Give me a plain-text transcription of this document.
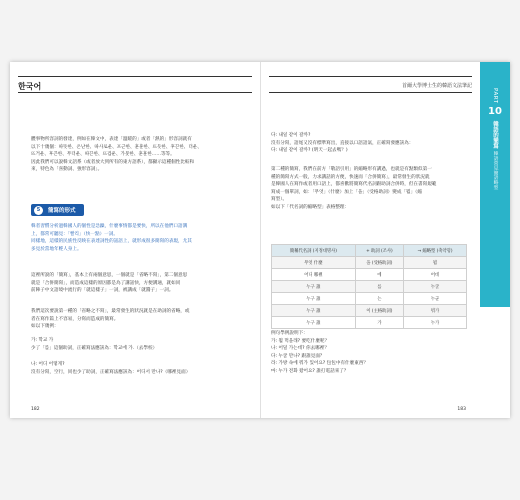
한국어
體事物所容詞的發達，例如在韓文中，表達「溫暖的」或者「熱的」形容詞就有
以下十幾個：따뜻한、온난한、따사로운、포근한、훈훈한、뜨듯한、후끈한、더운、
뜨거운、후끈한、무더운、따끈한、뜨겁운、가뭇한、훈훈한……等等。
因此我們可以說韓文語系（或者放大到所有的東方語系），都顯示這種個性比較和
來，特色為「喜動詞、強形容詞」。
5	簡寫的形式
韓者習慣分析過韓國人的個性是急躁，什麼事情都是要快，所以在他們口語溝
上，都常可聽見：「빨리」（快一點）一詞。
同樣地，這樣的民族性反映在表達詞性的話語上，就形成很多簡寫的表現，尤其
多見於當地年輕人身上。
這裡所說的「簡寫」，基本上有兩個意思，一個就是「省略不寫」，第二個意思
就是「合併簡寫」，而造成這樣的原因都是為了講話快，方便溝通，就如同
前陣子中文語境中流行的「就這樣子」一詞，被講成「就醬子」一詞。
我們這次要說第一種的「省略之不寫」，最常發生的狀況就是在助詞的省略，或
者在寫作篇上不容易，分寫而造成的簡寫。
如以下幾例：
가: 학교 가
少了「를」這個助詞，正確寫法應該為：학교에 가.（去學校）
나: 어디 어떻게?
沒有分寫，空行，同也少了助詞，正確寫法應該為：어디서 만나?（哪裡見面）
182
首爾大學博士生的韓語文法筆記
PART
10
韓語的簡寫
韓語常見簡語略型
다: 내일 같이 갈까?
沒有分寫，語尾又沒有標準寫出，直接以口語語氣，正確寫發應該為：
다: 내일 같이 갈까? (明天一起去嗎？)
第二種的簡寫，我們在前方「敬語引用」的縮略形有講過，也就是有點類似第一
種的簡寫方式一般，力求講話的方便，快速而「合併簡寫」，最常發生的狀況就
是韓國人在寫作或者用口語上，都喜歡將簡寫代名詞跟助詞合併時，但在書寫規範
寫成一個單詞，如：「무엇」（什麼）加上「을」（受格助詞）變成「뭘」（縮
寫型）。
如以下「代名詞的縮略型」表格整理：
簡稱代名詞 (지정대명사)	+ 助詞 (조사)	→ 縮略型 (축약형)
무엇 什麼	을 (受格助詞)	뭘
어디 哪裡	에	어데
누구 誰	를	누굴
누구 誰	는	누군
누구 誰	이 (主格助詞)	뭐가
누구 誰	가	누가
例句學例說明下：
가: 뭘 먹을래? 要吃什麼呢？
나: 어딜 가는데? 你去哪裡？
다: 누굴 만나? 跟誰見面？
라: 가방 속에 뭐가 있어요? 包包中有什麼東西？
마: 누가 전화 왔어요? 誰打電話來了？
183
